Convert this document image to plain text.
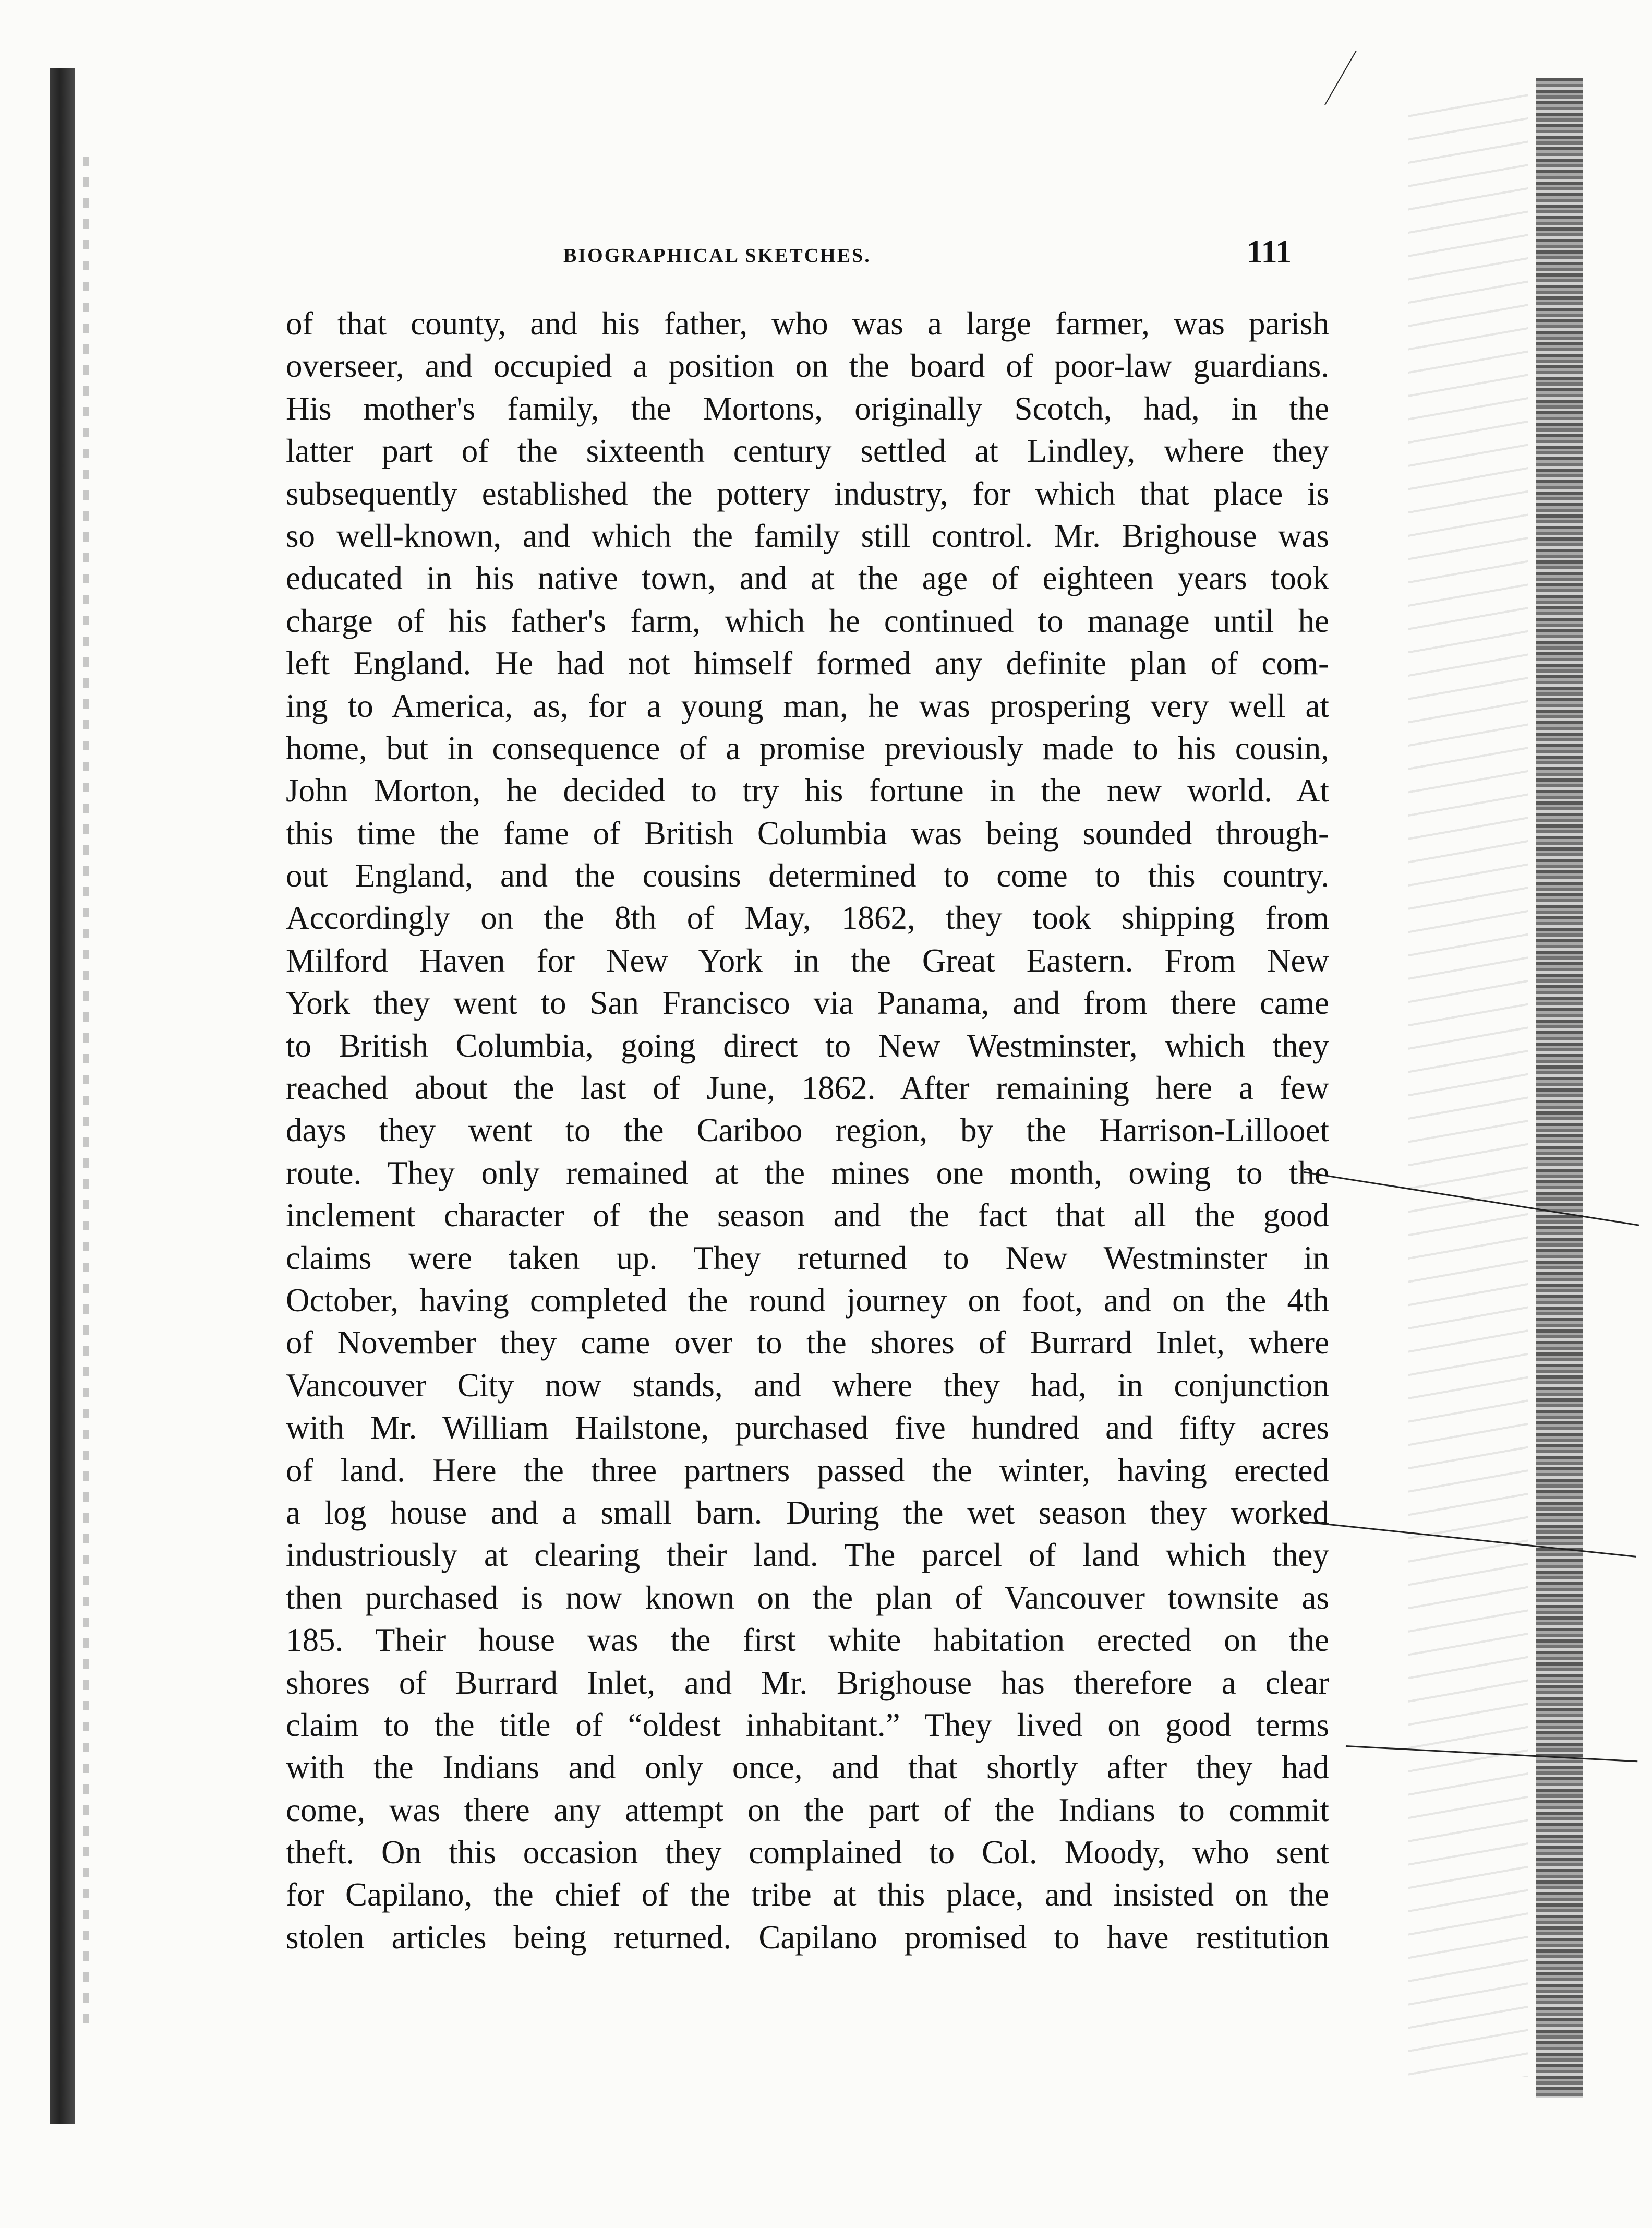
BIOGRAPHICAL SKETCHES.	111
of that county, and his father, who was a large farmer, was parish
overseer, and occupied a position on the board of poor-law guardians.
His mother's family, the Mortons, originally Scotch, had, in the
latter part of the sixteenth century settled at Lindley, where they
subsequently established the pottery industry, for which that place is
so well-known, and which the family still control. Mr. Brighouse was
educated in his native town, and at the age of eighteen years took
charge of his father's farm, which he continued to manage until he
left England. He had not himself formed any definite plan of com-
ing to America, as, for a young man, he was prospering very well at
home, but in consequence of a promise previously made to his cousin,
John Morton, he decided to try his fortune in the new world. At
this time the fame of British Columbia was being sounded through-
out England, and the cousins determined to come to this country.
Accordingly on the 8th of May, 1862, they took shipping from
Milford Haven for New York in the Great Eastern. From New
York they went to San Francisco via Panama, and from there came
to British Columbia, going direct to New Westminster, which they
reached about the last of June, 1862. After remaining here a few
days they went to the Cariboo region, by the Harrison-Lillooet
route. They only remained at the mines one month, owing to the
inclement character of the season and the fact that all the good
claims were taken up. They returned to New Westminster in
October, having completed the round journey on foot, and on the 4th
of November they came over to the shores of Burrard Inlet, where
Vancouver City now stands, and where they had, in conjunction
with Mr. William Hailstone, purchased five hundred and fifty acres
of land. Here the three partners passed the winter, having erected
a log house and a small barn. During the wet season they worked
industriously at clearing their land. The parcel of land which they
then purchased is now known on the plan of Vancouver townsite as
185. Their house was the first white habitation erected on the
shores of Burrard Inlet, and Mr. Brighouse has therefore a clear
claim to the title of “oldest inhabitant.” They lived on good terms
with the Indians and only once, and that shortly after they had
come, was there any attempt on the part of the Indians to commit
theft. On this occasion they complained to Col. Moody, who sent
for Capilano, the chief of the tribe at this place, and insisted on the
stolen articles being returned. Capilano promised to have restitution
